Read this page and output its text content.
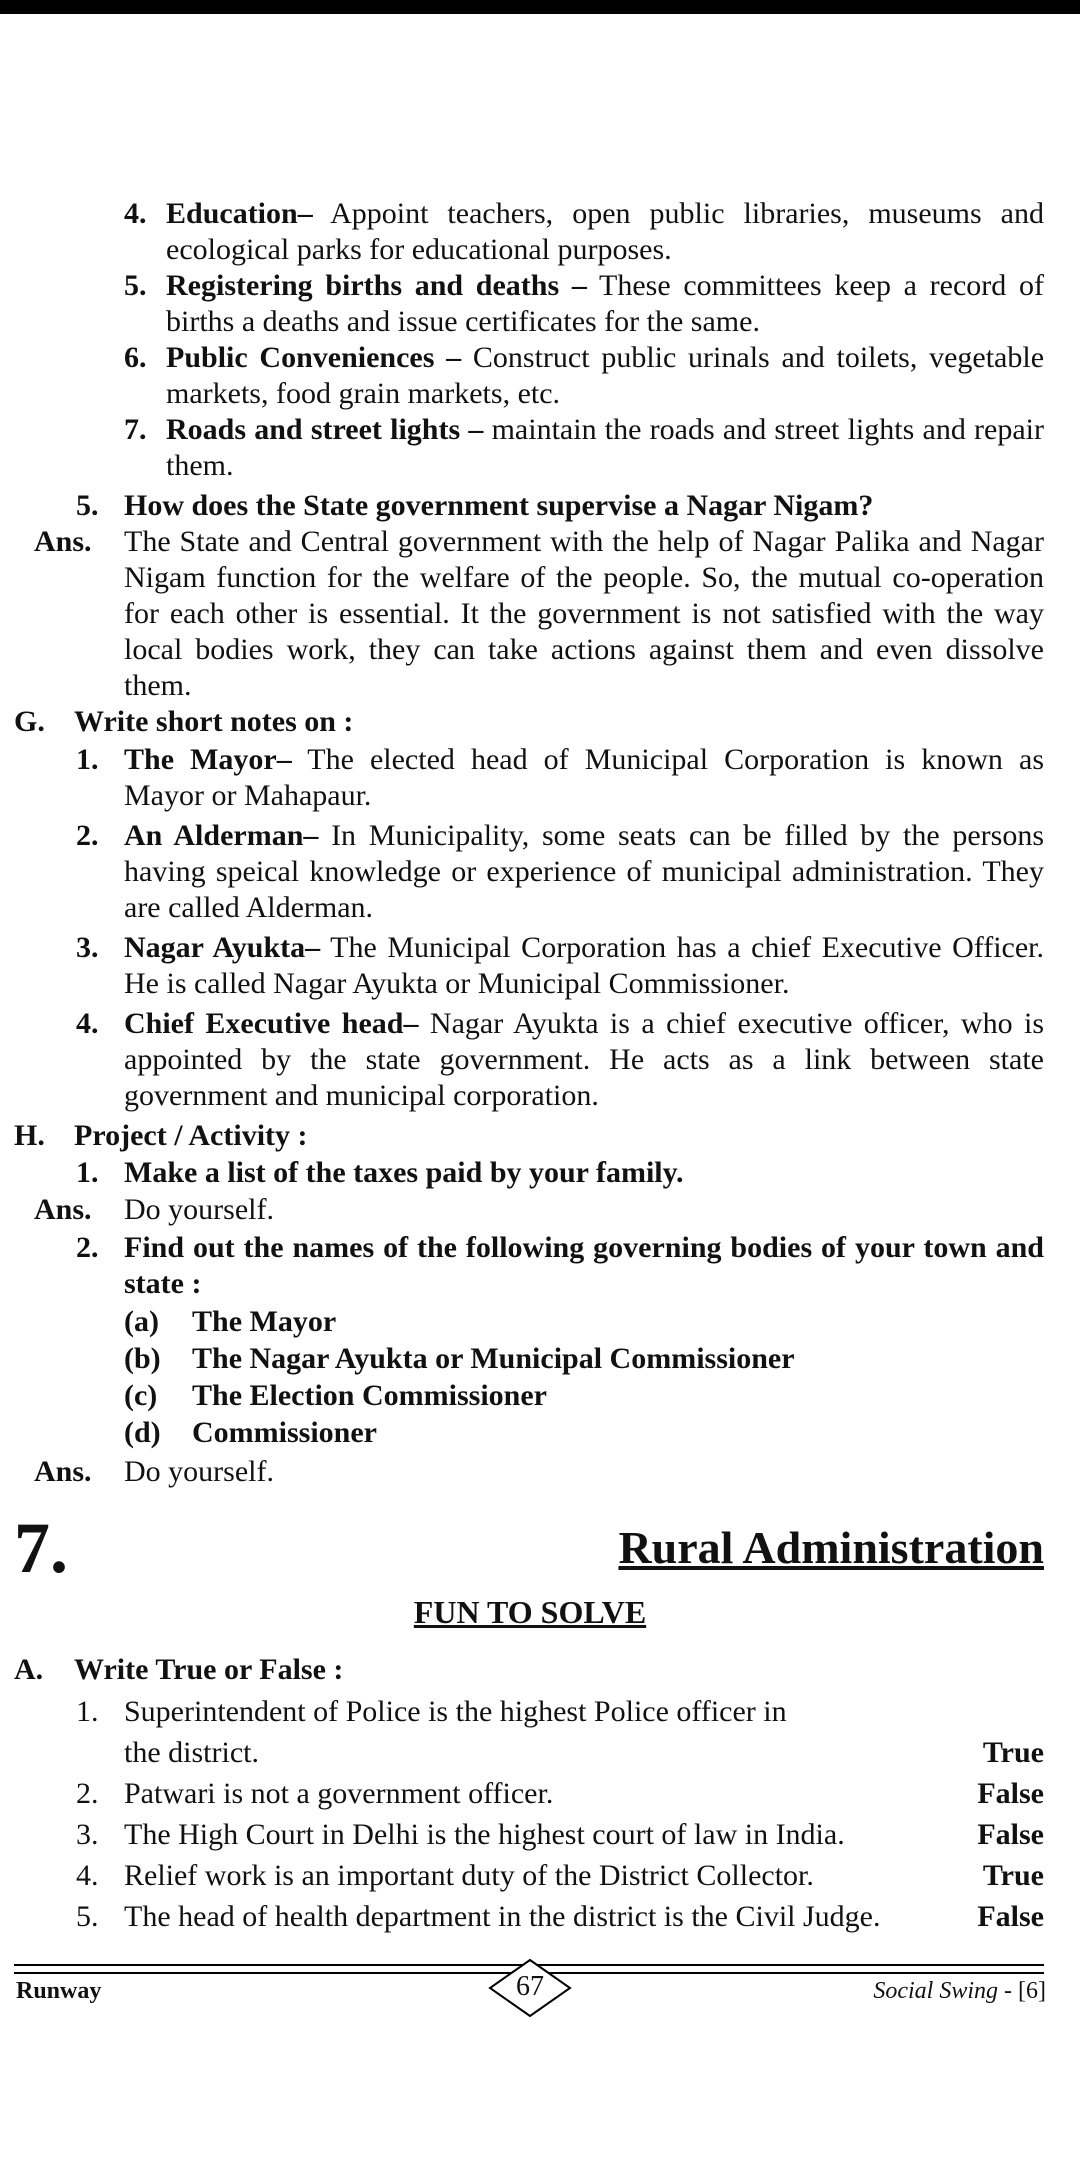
4. Education– Appoint teachers, open public libraries, museums and ecological parks for educational purposes.
5. Registering births and deaths – These committees keep a record of births a deaths and issue certificates for the same.
6. Public Conveniences – Construct public urinals and toilets, vegetable markets, food grain markets, etc.
7. Roads and street lights – maintain the roads and street lights and repair them.
5. How does the State government supervise a Nagar Nigam?
Ans. The State and Central government with the help of Nagar Palika and Nagar Nigam function for the welfare of the people. So, the mutual co-operation for each other is essential. It the government is not satisfied with the way local bodies work, they can take actions against them and even dissolve them.
G. Write short notes on :
1. The Mayor– The elected head of Municipal Corporation is known as Mayor or Mahapaur.
2. An Alderman– In Municipality, some seats can be filled by the persons having speical knowledge or experience of municipal administration. They are called Alderman.
3. Nagar Ayukta– The Municipal Corporation has a chief Executive Officer. He is called Nagar Ayukta or Municipal Commissioner.
4. Chief Executive head– Nagar Ayukta is a chief executive officer, who is appointed by the state government. He acts as a link between state government and municipal corporation.
H. Project / Activity :
1. Make a list of the taxes paid by your family.
Ans. Do yourself.
2. Find out the names of the following governing bodies of your town and state :
(a) The Mayor
(b) The Nagar Ayukta or Municipal Commissioner
(c) The Election Commissioner
(d) Commissioner
Ans. Do yourself.
7.	Rural Administration
FUN TO SOLVE
A. Write True or False :
1. Superintendent of Police is the highest Police officer in
the district.	True
2. Patwari is not a government officer.	False
3. The High Court in Delhi is the highest court of law in India.	False
4. Relief work is an important duty of the District Collector.	True
5. The head of health department in the district is the Civil Judge.	False
Runway	67	Social Swing - [6]
